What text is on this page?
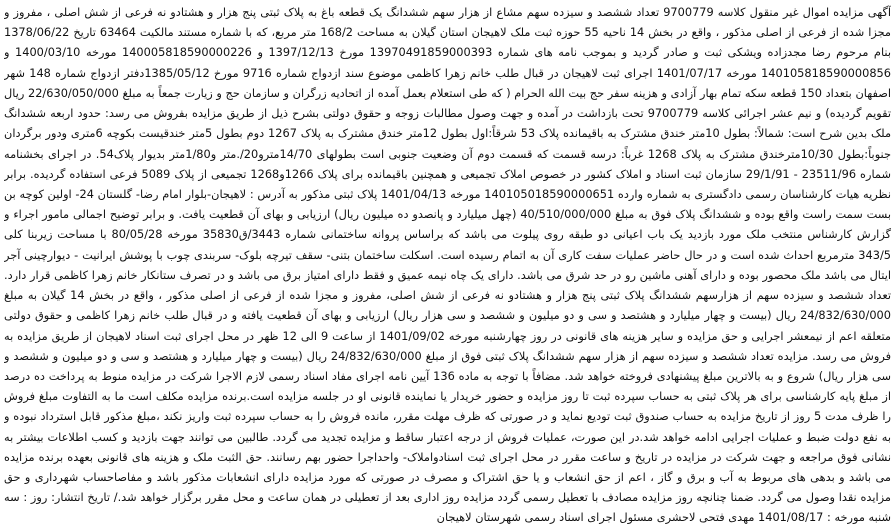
آگهی مزایده اموال غیر منقول کلاسه 9700779 تعداد ششصد و سیزده سهم مشاع از هزار سهم ششدانگ یک قطعه باغ به پلاک ثبتی پنج هزار و هشتادو نه فرعی از شش اصلی ، مفروز و مجزا شده از فرعی از اصلی مذکور ، واقع در بخش 14 ناحیه 55 حوزه ثبت ملک لاهیجان استان گیلان به مساحت 168/2 متر مربع، که با شماره مستند مالکیت 63464 تاریخ 1378/06/22 بنام مرحوم رضا مجدزاده ویشکی ثبت و صادر گردید و بموجب نامه های شماره 13970491859000393 مورخ 1397/12/13 و 140005818590000226 مورخه 1400/03/10 و 140105818590000856 مورخه 1401/07/17 اجرای ثبت لاهیجان در قبال طلب خانم زهرا کاظمی موضوع سند ازدواج شماره 9716 مورخ 1385/05/12دفتر ازدواج شماره 148 شهر اصفهان بتعداد 150 قطعه سکه تمام بهار آزادی و هزینه سفر حج بیت الله الحرام ( که طی استعلام بعمل آمده از اتحادیه زرگران و سازمان حج و زیارت جمعاً به مبلغ 22/630/050/000 ریال تقویم گردیده) و نیم عشر اجرائی کلاسه 9700779 تحت بازداشت در آمده و جهت وصول مطالبات زوجه و حقوق دولتی بشرح ذیل از طریق مزایده بفروش می رسد: حدود اربعه ششدانگ ملک بدین شرح است: شمالاً: بطول 10متر خندق مشترک به باقیمانده پلاک 53 شرقاً:اول بطول 12متر خندق مشترک به پلاک 1267 دوم بطول 5متر خندقیست بکوچه 6متری ودور برگردان جنوباً:بطول 10/30مترخندق مشترک به پلاک 1268 غرباً: درسه قسمت که قسمت دوم آن وضعیت جنوبی است بطولهای 14/70مترو20/.متر و1/80متر بدیوار پلاک54. در اجرای بخشنامه شماره 23511/96 - 29/1/91 سازمان ثبت اسناد و املاک کشور در خصوص املاک تجمیعی و همچنین باقیمانده برای پلاک 1266و1268 تجمیعی از پلاک 5089 فرعی استفاده گردیده. برابر نظریه هیات کارشناسان رسمی دادگستری به شماره وارده 140105018590000651 مورخه 1401/04/13 پلاک ثبتی مذکور به آدرس : لاهیجان-بلوار امام رضا- گلستان 24- اولین کوچه بن بست سمت راست واقع بوده و ششدانگ پلاک فوق به مبلغ 40/510/000/000 (چهل میلیارد و پانصدو ده میلیون ریال) ارزیابی و بهای آن قطعیت یافت. و برابر توضیح اجمالی مامور اجراء و گزارش کارشناس منتخب ملک مورد بازدید یک باب اعیانی دو طبقه روی پیلوت می باشد که براساس پروانه ساختمانی شماره 3443/ق35830 مورخه 80/05/28 با مساحت زیربنا کلی 343/5 مترمربع احداث شده است و در حال حاضر عملیات سفت کاری آن به اتمام رسیده است. اسکلت ساختمان بتنی- سقف تیرچه بلوک- سربندی چوب با پوشش ایرانیت - دیوارچینی آجر ایتال می باشد ملک محصور بوده و دارای آهنی ماشین رو در حد شرق می باشد. دارای یک چاه نیمه عمیق و فقط دارای امتیاز برق می باشد و در تصرف ستانکار خانم زهرا کاظمی قرار دارد. تعداد ششصد و سیزده سهم از هزارسهم ششدانگ پلاک ثبتی پنج هزار و هشتادو نه فرعی از شش اصلی، مفروز و مجزا شده از فرعی از اصلی مذکور ، واقع در بخش 14 گیلان به مبلغ 24/832/630/000 ریال (بیست و چهار میلیارد و هشتصد و سی و دو میلیون و ششصد و سی هزار ریال) ارزیابی و بهای آن قطعیت یافته و در قبال طلب خانم زهرا کاظمی و حقوق دولتی متعلقه اعم از نیمعشر اجرایی و حق مزایده و سایر هزینه های قانونی در روز چهارشنبه مورخه 1401/09/02 از ساعت 9 الی 12 ظهر در محل اجرای ثبت اسناد لاهیجان از طریق مزایده به فروش می رسد. مزایده تعداد ششصد و سیزده سهم از هزار سهم ششدانگ پلاک ثبتی فوق از مبلغ 24/832/630/000 ریال (بیست و چهار میلیارد و هشتصد و سی و دو میلیون و ششصد و سی هزار ریال) شروع و به بالاترین مبلغ پیشنهادی فروخته خواهد شد. مضافاً با توجه به ماده 136 آیین نامه اجرای مفاد اسناد رسمی لازم الاجرا شرکت در مزایده منوط به پرداخت ده درصد از مبلغ پایه کارشناسی برای هر پلاک ثبتی به حساب سپرده ثبت تا روز مزایده و حضور خریدار یا نماینده قانونی او در جلسه مزایده است.برنده مزایده مکلف است ما به التفاوت مبلغ فروش را ظرف مدت 5 روز از تاریخ مزایده به حساب صندوق ثبت تودیع نماید و در صورتی که ظرف مهلت مقرر، مانده فروش را به حساب سپرده ثبت واریز نکند ،مبلغ مذکور قابل استرداد نبوده و به نفع دولت ضبط و عملیات اجرایی ادامه خواهد شد.در این صورت، عملیات فروش از درجه اعتبار ساقط و مزایده تجدید می گردد. طالبین می توانند جهت بازدید و کسب اطلاعات بیشتر به نشانی فوق مراجعه و جهت شرکت در مزایده در تاریخ و ساعت مقرر در محل اجرای ثبت اسنادواملاک- واحداجرا حضور بهم رسانند. حق الثبت ملک و هزینه های قانونی بعهده برنده مزایده می باشد و بدهی های مربوط به آب و برق و گاز ، اعم از حق انشعاب و یا حق اشتراک و مصرف در صورتی که مورد مزایده دارای انشعابات مذکور باشد و مفاصاحساب شهرداری و حق مزایده نقدا وصول می گردد. ضمنا چنانچه روز مزایده مصادف با تعطیل رسمی گردد مزایده روز اداری بعد از تعطیلی در همان ساعت و محل مقرر برگزار خواهد شد./ تاریخ انتشار: روز : سه شنبه مورخه : 1401/08/17 مهدی فتحی لاحشری مسئول اجرای اسناد رسمی شهرستان لاهیجان
